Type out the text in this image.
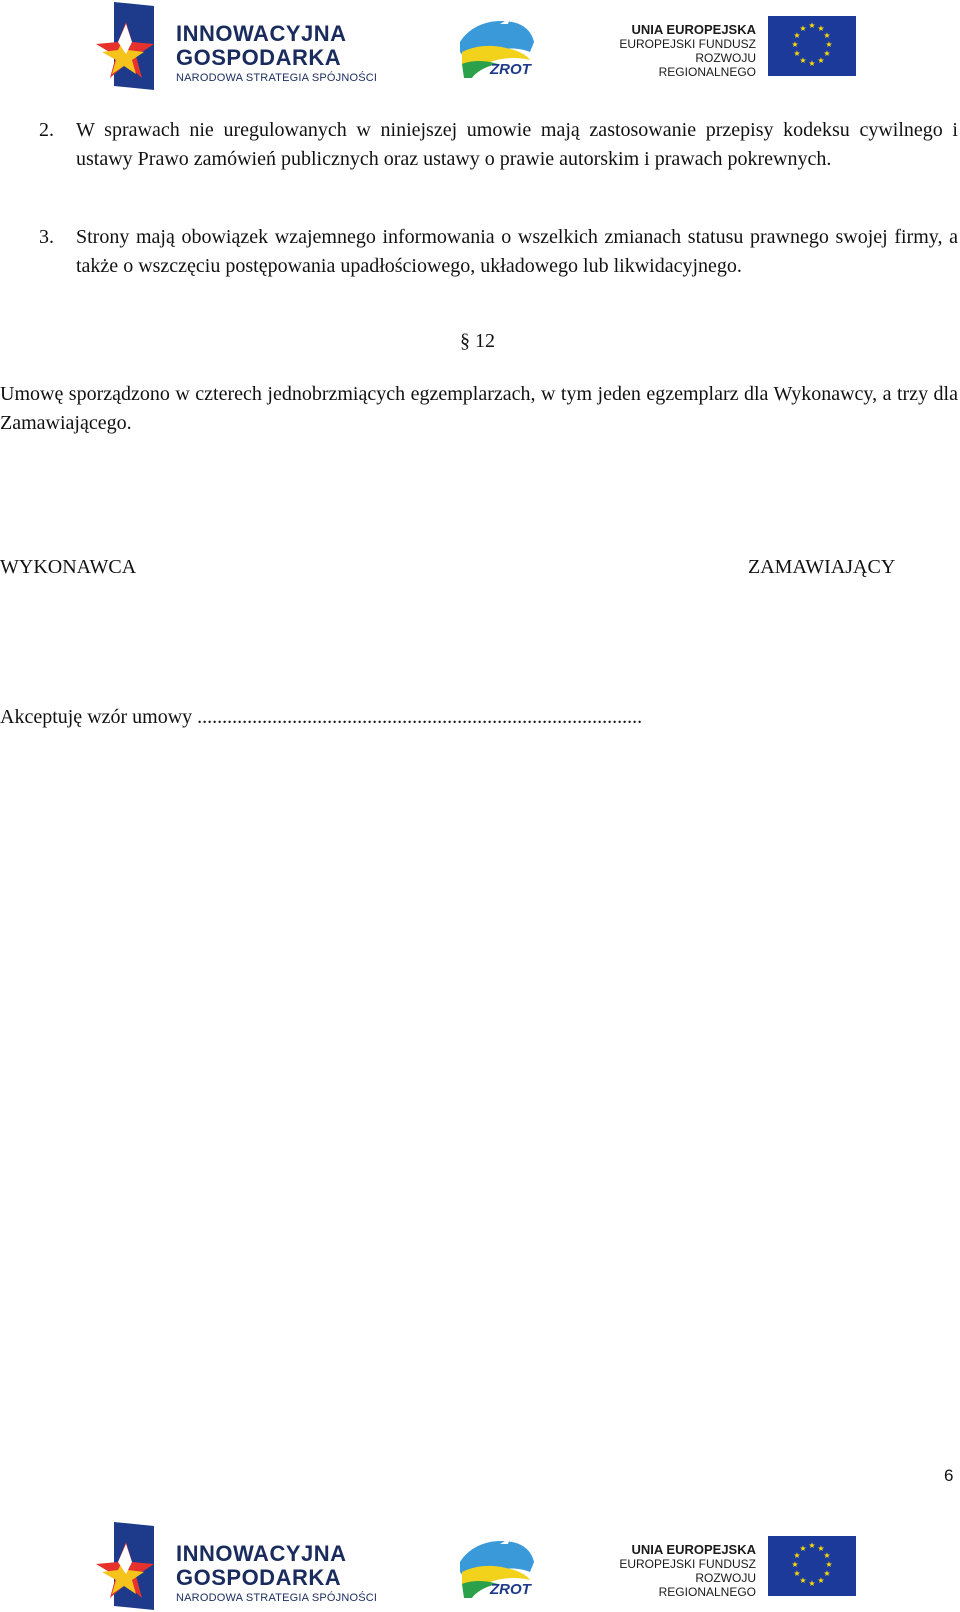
INNOWACYJNA
GOSPODARKA
NARODOWA STRATEGIA SPÓJNOŚCI	ZROT
UNIA EUROPEJSKA
EUROPEJSKI FUNDUSZ
ROZWOJU REGIONALNEGO
★ ★
★
★
★
★
★
★
★
★
★
★
2.	W sprawach nie uregulowanych w niniejszej umowie mają zastosowanie przepisy kodeksu cywilnego i ustawy Prawo zamówień publicznych oraz ustawy o prawie autorskim i prawach pokrewnych.
3.	Strony mają obowiązek wzajemnego informowania o wszelkich zmianach statusu prawnego swojej firmy, a także o wszczęciu postępowania upadłościowego, układowego lub likwidacyjnego.
§ 12
Umowę sporządzono w czterech jednobrzmiących egzemplarzach, w tym jeden egzemplarz dla Wykonawcy, a trzy dla Zamawiającego.
WYKONAWCA	ZAMAWIAJĄCY
Akceptuję wzór umowy .........................................................................................
6
INNOWACYJNA
GOSPODARKA
NARODOWA STRATEGIA SPÓJNOŚCI	ZROT
UNIA EUROPEJSKA
EUROPEJSKI FUNDUSZ
ROZWOJU REGIONALNEGO
★ ★
★
★
★
★
★
★
★
★
★
★
